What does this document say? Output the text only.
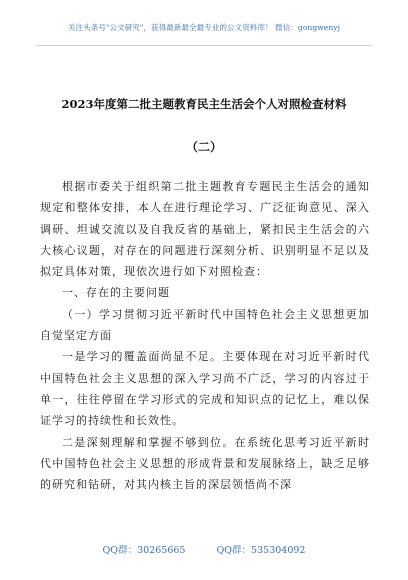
关注头条号"公文研究"，获得最新最全最专业的公文资料库！ 微信：gongwenyj
2023年度第二批主题教育民主生活会个人对照检查材料
（二）

根据市委关于组织第二批主题教育专题民主生活会的通知规定和整体安排，本人在进行理论学习、广泛征询意见、深入调研、坦诚交流以及自我反省的基础上，紧扣民主生活会的六大核心议题，对存在的问题进行深刻分析、识别明显不足以及拟定具体对策，现依次进行如下对照检查：

一、存在的主要问题

（一）学习贯彻习近平新时代中国特色社会主义思想更加自觉坚定方面

一是学习的覆盖面尚显不足。主要体现在对习近平新时代中国特色社会主义思想的深入学习尚不广泛，学习的内容过于单一，往往停留在学习形式的完成和知识点的记忆上，难以保证学习的持续性和长效性。

二是深刻理解和掌握不够到位。在系统化思考习近平新时代中国特色社会主义思想的形成背景和发展脉络上，缺乏足够的研究和钻研，对其内核主旨的深层领悟尚不深

QQ群：30265665	QQ群：535304092
